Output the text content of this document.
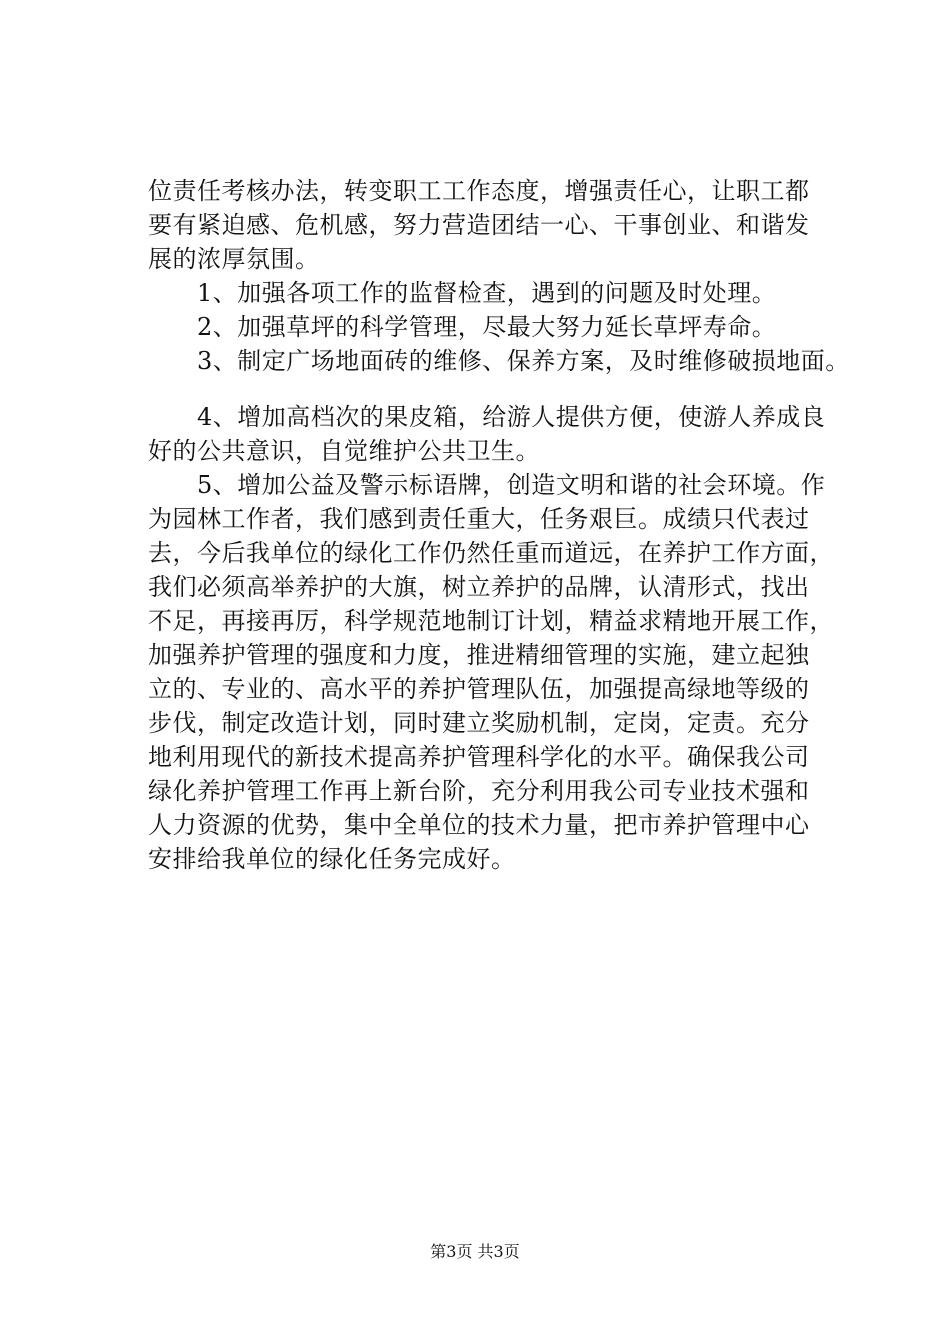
位责任考核办法，转变职工工作态度，增强责任心，让职工都
要有紧迫感、危机感，努力营造团结一心、干事创业、和谐发
展的浓厚氛围。
　　1、加强各项工作的监督检查，遇到的问题及时处理。
　　2、加强草坪的科学管理，尽最大努力延长草坪寿命。
　　3、制定广场地面砖的维修、保养方案，及时维修破损地面。
　　4、增加高档次的果皮箱，给游人提供方便，使游人养成良
好的公共意识，自觉维护公共卫生。
　　5、增加公益及警示标语牌，创造文明和谐的社会环境。作
为园林工作者，我们感到责任重大，任务艰巨。成绩只代表过
去，今后我单位的绿化工作仍然任重而道远，在养护工作方面，
我们必须高举养护的大旗，树立养护的品牌，认清形式，找出
不足，再接再厉，科学规范地制订计划，精益求精地开展工作，
加强养护管理的强度和力度，推进精细管理的实施，建立起独
立的、专业的、高水平的养护管理队伍，加强提高绿地等级的
步伐，制定改造计划，同时建立奖励机制，定岗，定责。充分
地利用现代的新技术提高养护管理科学化的水平。确保我公司
绿化养护管理工作再上新台阶，充分利用我公司专业技术强和
人力资源的优势，集中全单位的技术力量，把市养护管理中心
安排给我单位的绿化任务完成好。
第3页 共3页
